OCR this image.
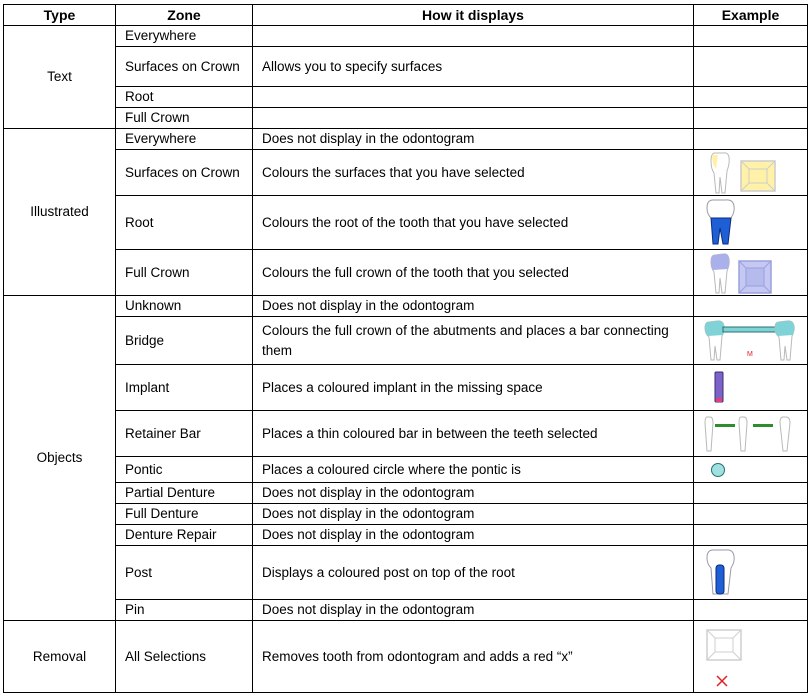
Type	Zone	How it displays	Example
Text	Everywhere		
	Surfaces on Crown	Allows you to specify surfaces	
	Root		
	Full Crown		

Illustrated	Everywhere	Does not display in the odontogram	
	Surfaces on Crown	Colours the surfaces that you have selected	

	Root	Colours the root of the tooth that you have selected	

	Full Crown	Colours the full crown of the tooth that you selected	

Objects	Unknown	Does not display in the odontogram	
	Bridge	Colours the full crown of the abutments and places a bar connecting them	M

	Implant	Places a coloured implant in the missing space	

	Retainer Bar	Places a thin coloured bar in between the teeth selected	

	Pontic	Places a coloured circle where the pontic is	

	Partial Denture	Does not display in the odontogram	
	Full Denture	Does not display in the odontogram	
	Denture Repair	Does not display in the odontogram	
	Post	Displays a coloured post on top of the root	

	Pin	Does not display in the odontogram	
Removal	All Selections	Removes tooth from odontogram and adds a red “x”	
